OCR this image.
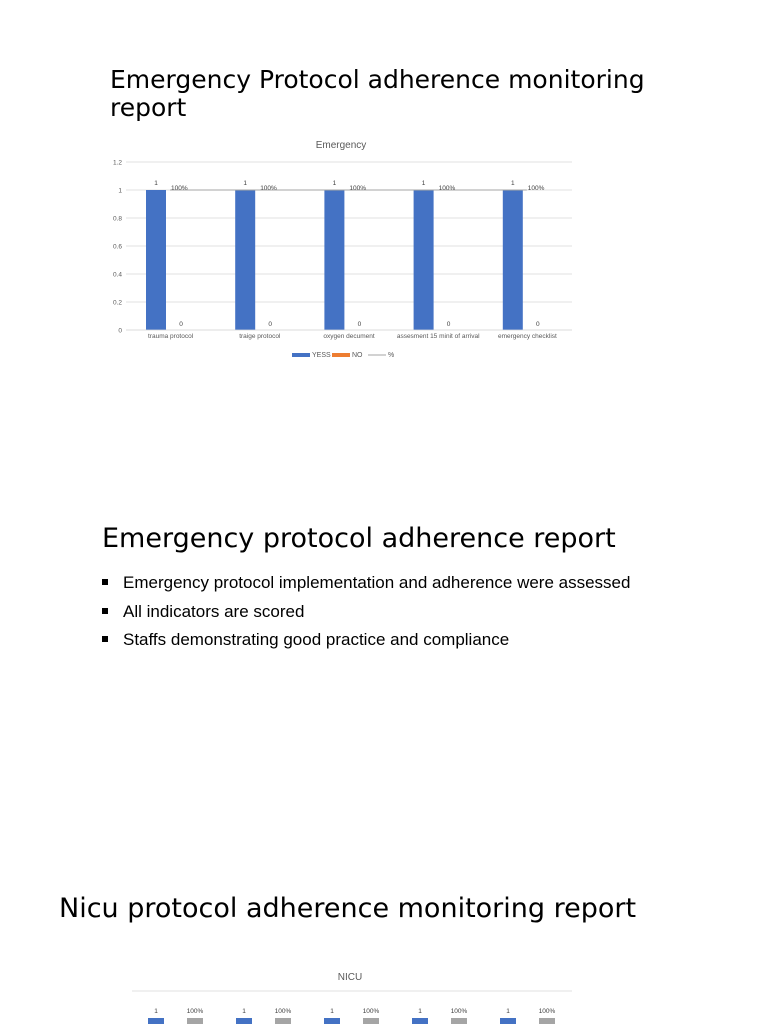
Emergency Protocol adherence monitoring report
Emergency
1.2
1
0.8
0.6
0.4
0.2
0
1
0
100%
1
0
100%
1
0
100%
1
0
100%
1
0
100%
trauma protocol	traige protocol	oxygen decument	assesment 15 minit of arrival	emergency checklist
YESS	NO	%
Emergency protocol adherence report
Emergency protocol implementation and adherence were assessed
All indicators are scored
Staffs demonstrating good practice and compliance
Nicu protocol adherence monitoring report
NICU
1	100%	1	100%	1	100%	1	100%	1	100%
